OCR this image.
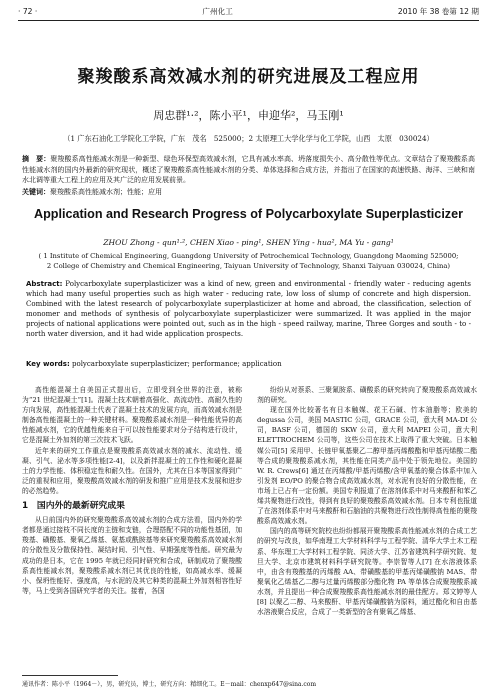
· 72 ·	广州化工	2010 年 38 卷第 12 期
聚羧酸系高效减水剂的研究进展及工程应用
周忠群¹·²，陈小平¹，申迎华²，马玉刚¹
（1 广东石油化工学院化工学院，广东　茂名　525000；2 太原理工大学化学与化工学院，山西　太原　030024）
摘　要：聚羧酸系高性能减水剂是一种新型、绿色环保型高效减水剂，它具有减水率高、坍落度损失小、高分散性等优点。文章结合了聚羧酸系高性能减水剂的国内外最新的研究现状，概述了聚羧酸系高性能减水剂的分类、单体选择和合成方法，并指出了在国家的高速铁路、海洋、三峡和南水北调等重大工程上的应用及其广泛的应用发展前景。
关键词：聚羧酸系高性能减水剂；性能；应用
Application and Research Progress of Polycarboxylate Superplasticizer
ZHOU Zhong - qun¹·², CHEN Xiao - ping¹, SHEN Ying - hua², MA Yu - gang¹
( 1 Institute of Chemical Engineering, Guangdong University of Petrochemical Technology, Guangdong Maoming 525000;
2 College of Chemistry and Chemical Engineering, Taiyuan University of Technology, Shanxi Taiyuan 030024, China)
Abstract: Polycarboxylate superplasticizer was a kind of new, green and environmental - friendly water - reducing agents which had many useful properties such as high water - reducing rate, low loss of slump of concrete and high dispersion. Combined with the latest research of polycarboxylate superplasticizer at home and abroad, the classification, selection of monomer and methods of synthesis of polycarboxylate superplasticizer were summarized. It was applied in the major projects of national applications were pointed out, such as in the high - speed railway, marine, Three Gorges and south - to - north water diversion, and it had wide application prospects.
Key words: polycarboxylate superplasticizer; performance; application

高性能混凝土自美国正式提出后，立即受到全世界的注意，被称为“21 世纪混凝土”[1]。混凝土技术朝着高强化、高流动性、高耐久性的方向发展，高性能混凝土代表了混凝土技术的发展方向，而高效减水剂是制备高性能混凝土的一种关键材料。聚羧酸系减水剂是一种性能优异的高性能减水剂，它的优越性能来自于可以按性能要求对分子结构进行设计，它是混凝土外加剂的第三次技术飞跃。

近年来的研究工作重点是聚羧酸系高效减水剂的减水、流动性、缓凝、引气、泌水等多项性能[2-4]，以及新拌混凝土的工作性和硬化混凝土的力学性能、体积稳定性和耐久性。在国外，尤其在日本等国家得到广泛的重视和应用，聚羧酸高效减水剂的研发和推广应用是技术发展和进步的必然趋势。

1　国内外的最新研究成果

从日前国内外的研究聚羧酸系高效减水剂的合成方法看，国内外的学者都是通过接枝不同长度的主链和支链，合理搭配不同的功能性基团，加羧基、磺酸基、聚氧乙烯基、氨基或酰胺基等来研究聚羧酸系高效减水剂的分散性及分散保持性、凝结时间、引气性、早期强度等性能。研究最为成功的是日本，它在 1995 年就已经同时研究和合成，研制成功了聚羧酸系高性能减水剂，聚羧酸系减水剂已其优良的性能，如高减水率、缓凝小、保坍性能好、强度高，与水泥的及其它种类的混凝土外加剂相容性好等，马上受到各国研究学者的关注。接着，各国

纷纷从对萘系、三聚氰胺系、磺酸系的研究转向了聚羧酸系高效减水剂的研究。

现在国外比较著名有日本触媒、花王石碱、竹本油脂等；欧美的 degussa 公司，美国 MASTIC 公司，GRACE 公司，意大利 MA-DI 公司，BASF 公司，德国的 SKW 公司，意大利 MAPEI 公司，意大利 ELETTROCHEM 公司等，这些公司在技术上取得了重大突破。日本触媒公司[5] 采用甲、长链甲氧基聚乙二醇甲基丙烯酸酯和甲基丙烯酸二酯等合成的聚羧酸系减水剂，其性能在同类产品中处于领先地位。美国的 W. R. Crews[6] 通过在丙烯酸/甲基丙烯酸/含甲氧基的聚合体系中加入引发剂 EO/PO 的聚合物合成高效减水剂，对水泥有良好的分散性能，在市场上已占有一定份额。美国专利报道了在溶剂体系中对马来酸酐和苯乙烯共聚物进行改性，得到有良好的聚羧酸系高效减水剂。日本专利也报道了在溶剂体系中对马来酸酐和石脑油的共聚物进行改性制得高性能的聚羧酸系高效减水剂。

国内的高等研究院校也纷纷都展开聚羧酸系高性能减水剂的合成工艺的研究与改良，如华南理工大学材料科学与工程学院、清华大学土木工程系、华东理工大学材料工程学院、同济大学、江苏省建筑科学研究院、复旦大学、北京市建筑材料科学研究院等。李崇智等人[7] 在水溶液体系中，由含有羧酸基的丙烯酸 AA、带磺酸基的甲基丙烯磺酸钠 MAS、带聚氧化乙烯基乙二醇与过量丙烯酸部分酯化物 PA 等单体合成聚羧酸系减水剂，并且提出一种合成聚羧酸系高性能减水剂的最佳配方。郑文婷等人[8] 以聚乙二醇、马来酸酐、甲基丙烯磺酸钠为原料，通过酯化和自由基水溶液聚合反应，合成了一类新型的含有聚氧乙烯基、

通讯作者：陈小平（1964－），男，研究员，博士，研究方向：精细化工。E－mail：chenxp647@sina.com
